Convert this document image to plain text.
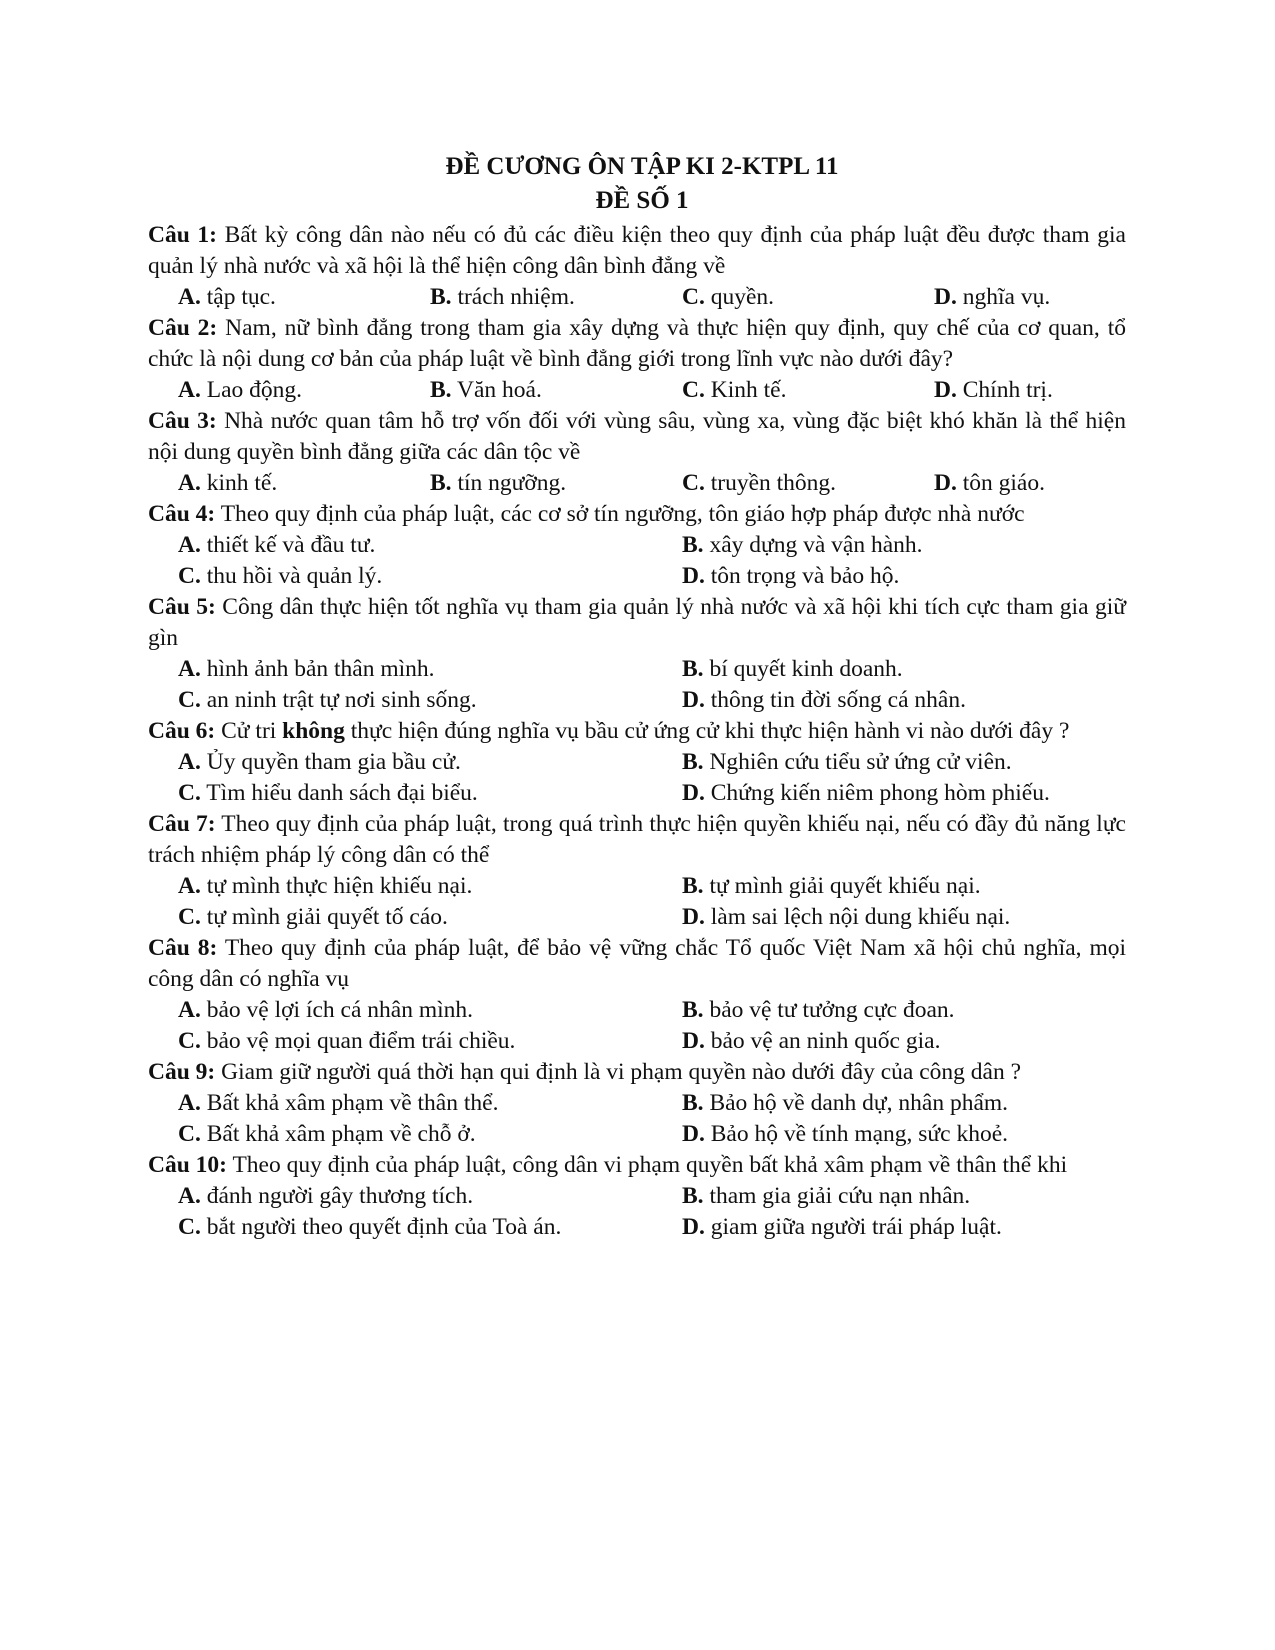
ĐỀ CƯƠNG ÔN TẬP KI 2-KTPL 11
ĐỀ SỐ 1
Câu 1: Bất kỳ công dân nào nếu có đủ các điều kiện theo quy định của pháp luật đều được tham gia quản lý nhà nước và xã hội là thể hiện công dân bình đẳng về
A. tập tục.	B. trách nhiệm.	C. quyền.	D. nghĩa vụ.
Câu 2: Nam, nữ bình đẳng trong tham gia xây dựng và thực hiện quy định, quy chế của cơ quan, tổ chức là nội dung cơ bản của pháp luật về bình đẳng giới trong lĩnh vực nào dưới đây?
A. Lao động.	B. Văn hoá.	C. Kinh tế.	D. Chính trị.
Câu 3: Nhà nước quan tâm hỗ trợ vốn đối với vùng sâu, vùng xa, vùng đặc biệt khó khăn là thể hiện nội dung quyền bình đẳng giữa các dân tộc về
A. kinh tế.	B. tín ngưỡng.	C. truyền thông.	D. tôn giáo.
Câu 4: Theo quy định của pháp luật, các cơ sở tín ngưỡng, tôn giáo hợp pháp được nhà nước
A. thiết kế và đầu tư.	B. xây dựng và vận hành.
C. thu hồi và quản lý.	D. tôn trọng và bảo hộ.
Câu 5: Công dân thực hiện tốt nghĩa vụ tham gia quản lý nhà nước và xã hội khi tích cực tham gia giữ gìn
A. hình ảnh bản thân mình.	B. bí quyết kinh doanh.
C. an ninh trật tự nơi sinh sống.	D. thông tin đời sống cá nhân.
Câu 6: Cử tri không thực hiện đúng nghĩa vụ bầu cử ứng cử khi thực hiện hành vi nào dưới đây ?
A. Ủy quyền tham gia bầu cử.	B. Nghiên cứu tiểu sử ứng cử viên.
C. Tìm hiểu danh sách đại biểu.	D. Chứng kiến niêm phong hòm phiếu.
Câu 7: Theo quy định của pháp luật, trong quá trình thực hiện quyền khiếu nại, nếu có đầy đủ năng lực trách nhiệm pháp lý công dân có thể
A. tự mình thực hiện khiếu nại.	B. tự mình giải quyết khiếu nại.
C. tự mình giải quyết tố cáo.	D. làm sai lệch nội dung khiếu nại.
Câu 8: Theo quy định của pháp luật, để bảo vệ vững chắc Tổ quốc Việt Nam xã hội chủ nghĩa, mọi công dân có nghĩa vụ
A. bảo vệ lợi ích cá nhân mình.	B. bảo vệ tư tưởng cực đoan.
C. bảo vệ mọi quan điểm trái chiều.	D. bảo vệ an ninh quốc gia.
Câu 9: Giam giữ người quá thời hạn qui định là vi phạm quyền nào dưới đây của công dân ?
A. Bất khả xâm phạm về thân thể.	B. Bảo hộ về danh dự, nhân phẩm.
C. Bất khả xâm phạm về chỗ ở.	D. Bảo hộ về tính mạng, sức khoẻ.
Câu 10: Theo quy định của pháp luật, công dân vi phạm quyền bất khả xâm phạm về thân thể khi
A. đánh người gây thương tích.	B. tham gia giải cứu nạn nhân.
C. bắt người theo quyết định của Toà án.	D. giam giữa người trái pháp luật.
